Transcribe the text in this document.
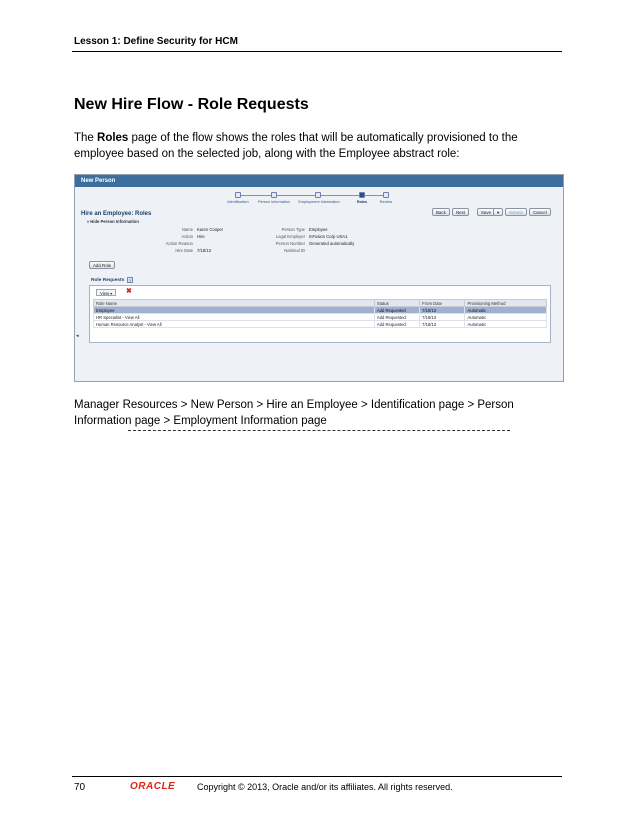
Lesson 1: Define Security for HCM
New Hire Flow - Role Requests

The Roles page of the flow shows the roles that will be automatically provisioned to the employee based on the selected job, along with the Employee abstract role:

New Person
Identification Person Information Employment Information	Roles	Review
Hire an Employee: Roles
▿ Hide Person Information
Back	Next	Save	▾	Submit	Cancel
Name Karen Cooper
Action Hire
Action Reason
Hire Date 7/18/13
Person Type Employee
Legal Employer InFusion Corp USA1
Person Number Generated automatically
National ID
Add Role
Role Requests	?
View ▾	✖
Role Name	Status	From Date	Provisioning Method
Employee	Add Requested	7/18/13	Automatic
HR Specialist - View All	Add Requested	7/18/13	Automatic
Human Resource Analyst - View All	Add Requested	7/18/13	Automatic
◂

Manager Resources > New Person > Hire an Employee > Identification page > Person Information page > Employment Information page

70	ORACLE Copyright © 2013, Oracle and/or its affiliates. All rights reserved.
